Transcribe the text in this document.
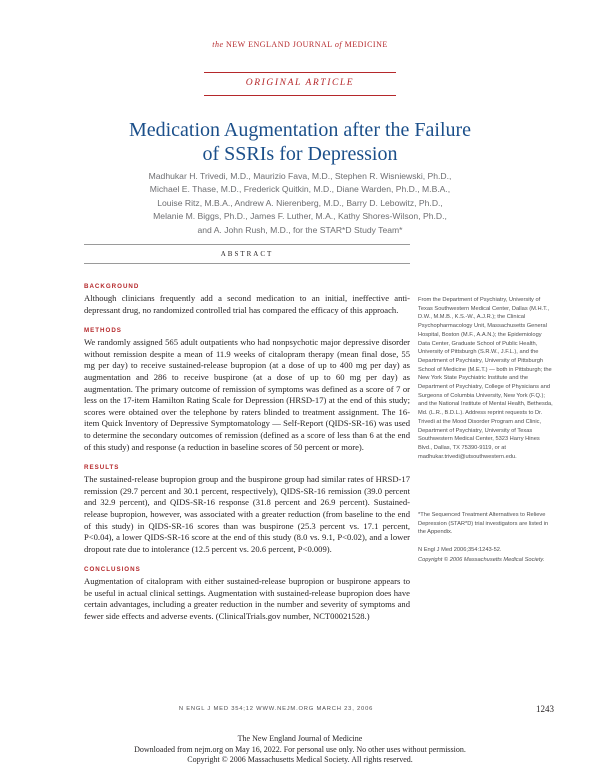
the NEW ENGLAND JOURNAL of MEDICINE
ORIGINAL ARTICLE
Medication Augmentation after the Failure
of SSRIs for Depression
Madhukar H. Trivedi, M.D., Maurizio Fava, M.D., Stephen R. Wisniewski, Ph.D.,
Michael E. Thase, M.D., Frederick Quitkin, M.D., Diane Warden, Ph.D., M.B.A.,
Louise Ritz, M.B.A., Andrew A. Nierenberg, M.D., Barry D. Lebowitz, Ph.D.,
Melanie M. Biggs, Ph.D., James F. Luther, M.A., Kathy Shores-Wilson, Ph.D.,
and A. John Rush, M.D., for the STAR*D Study Team*
ABSTRACT
BACKGROUND
Although clinicians frequently add a second medication to an initial, ineffective anti-depressant drug, no randomized controlled trial has compared the efficacy of this approach.
METHODS
We randomly assigned 565 adult outpatients who had nonpsychotic major depressive disorder without remission despite a mean of 11.9 weeks of citalopram therapy (mean final dose, 55 mg per day) to receive sustained-release bupropion (at a dose of up to 400 mg per day) as augmentation and 286 to receive buspirone (at a dose of up to 60 mg per day) as augmentation. The primary outcome of remission of symptoms was defined as a score of 7 or less on the 17-item Hamilton Rating Scale for Depression (HRSD-17) at the end of this study; scores were obtained over the telephone by raters blinded to treatment assignment. The 16-item Quick Inventory of Depressive Symptomatology — Self-Report (QIDS-SR-16) was used to determine the secondary outcomes of remission (defined as a score of less than 6 at the end of this study) and response (a reduction in baseline scores of 50 percent or more).
RESULTS
The sustained-release bupropion group and the buspirone group had similar rates of HRSD-17 remission (29.7 percent and 30.1 percent, respectively), QIDS-SR-16 remission (39.0 percent and 32.9 percent), and QIDS-SR-16 response (31.8 percent and 26.9 percent). Sustained-release bupropion, however, was associated with a greater reduction (from baseline to the end of this study) in QIDS-SR-16 scores than was buspirone (25.3 percent vs. 17.1 percent, P<0.04), a lower QIDS-SR-16 score at the end of this study (8.0 vs. 9.1, P<0.02), and a lower dropout rate due to intolerance (12.5 percent vs. 20.6 percent, P<0.009).
CONCLUSIONS
Augmentation of citalopram with either sustained-release bupropion or buspirone appears to be useful in actual clinical settings. Augmentation with sustained-release bupropion does have certain advantages, including a greater reduction in the number and severity of symptoms and fewer side effects and adverse events. (ClinicalTrials.gov number, NCT00021528.)
From the Department of Psychiatry, University of Texas Southwestern Medical Center, Dallas (M.H.T., D.W., M.M.B., K.S.-W., A.J.R.); the Clinical Psychopharmacology Unit, Massachusetts General Hospital, Boston (M.F., A.A.N.); the Epidemiology Data Center, Graduate School of Public Health, University of Pittsburgh (S.R.W., J.F.L.), and the Department of Psychiatry, University of Pittsburgh School of Medicine (M.E.T.) — both in Pittsburgh; the New York State Psychiatric Institute and the Department of Psychiatry, College of Physicians and Surgeons of Columbia University, New York (F.Q.); and the National Institute of Mental Health, Bethesda, Md. (L.R., B.D.L.). Address reprint requests to Dr. Trivedi at the Mood Disorder Program and Clinic, Department of Psychiatry, University of Texas Southwestern Medical Center, 5323 Harry Hines Blvd., Dallas, TX 75390-9119, or at madhukar.trivedi@utsouthwestern.edu.
*The Sequenced Treatment Alternatives to Relieve Depression (STAR*D) trial investigators are listed in the Appendix.
N Engl J Med 2006;354:1243-52.
Copyright © 2006 Massachusetts Medical Society.
N ENGL J MED 354;12 WWW.NEJM.ORG MARCH 23, 2006	1243
The New England Journal of Medicine
Downloaded from nejm.org on May 16, 2022. For personal use only. No other uses without permission.
Copyright © 2006 Massachusetts Medical Society. All rights reserved.
